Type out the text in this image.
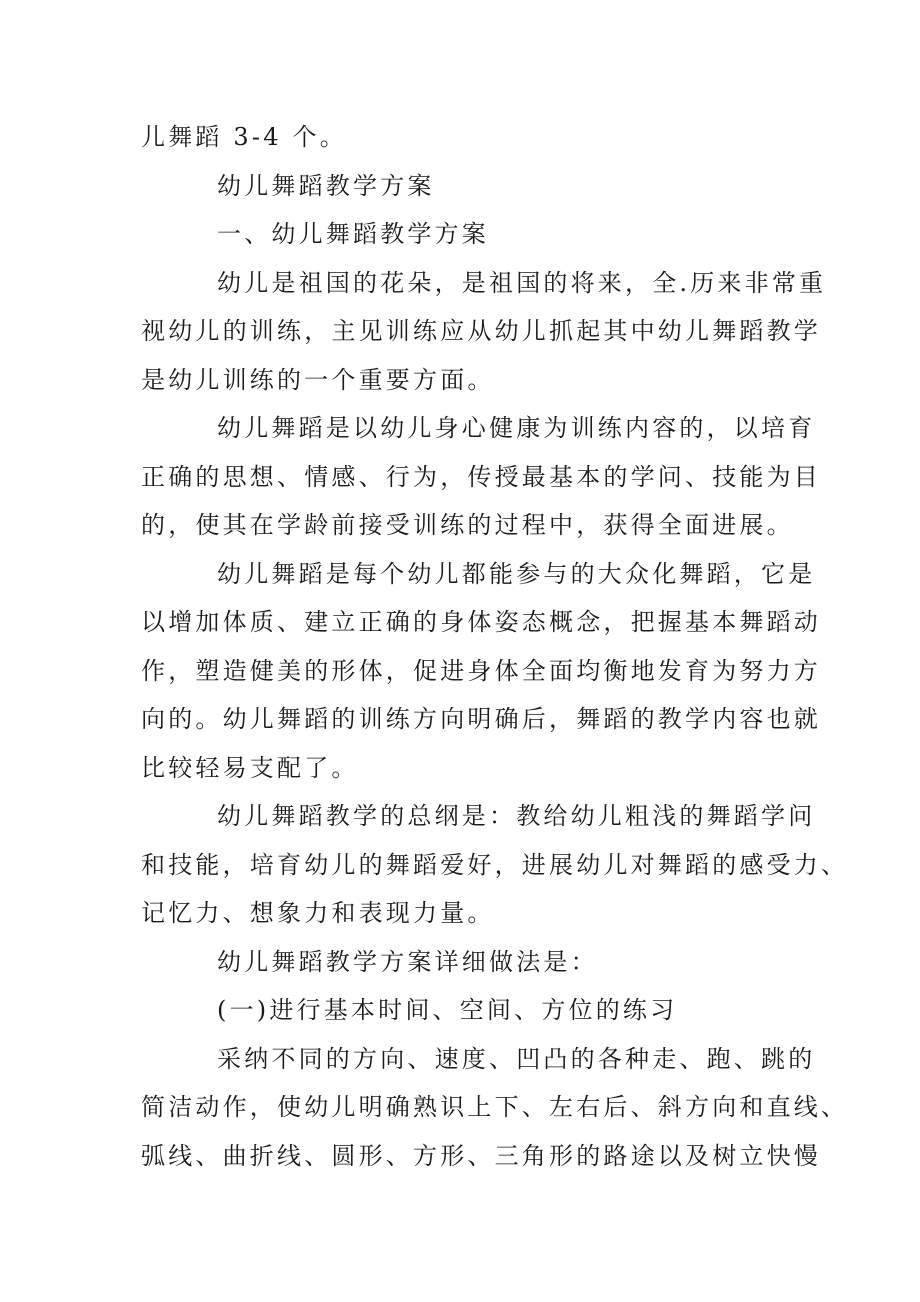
儿舞蹈 3-4 个。
幼儿舞蹈教学方案
一、幼儿舞蹈教学方案
幼儿是祖国的花朵，是祖国的将来，全.历来非常重
视幼儿的训练，主见训练应从幼儿抓起其中幼儿舞蹈教学
是幼儿训练的一个重要方面。
幼儿舞蹈是以幼儿身心健康为训练内容的，以培育
正确的思想、情感、行为，传授最基本的学问、技能为目
的，使其在学龄前接受训练的过程中，获得全面进展。
幼儿舞蹈是每个幼儿都能参与的大众化舞蹈，它是
以增加体质、建立正确的身体姿态概念，把握基本舞蹈动
作，塑造健美的形体，促进身体全面均衡地发育为努力方
向的。幼儿舞蹈的训练方向明确后，舞蹈的教学内容也就
比较轻易支配了。
幼儿舞蹈教学的总纲是：教给幼儿粗浅的舞蹈学问
和技能，培育幼儿的舞蹈爱好，进展幼儿对舞蹈的感受力、
记忆力、想象力和表现力量。
幼儿舞蹈教学方案详细做法是：
(一)进行基本时间、空间、方位的练习
采纳不同的方向、速度、凹凸的各种走、跑、跳的
简洁动作，使幼儿明确熟识上下、左右后、斜方向和直线、
弧线、曲折线、圆形、方形、三角形的路途以及树立快慢
